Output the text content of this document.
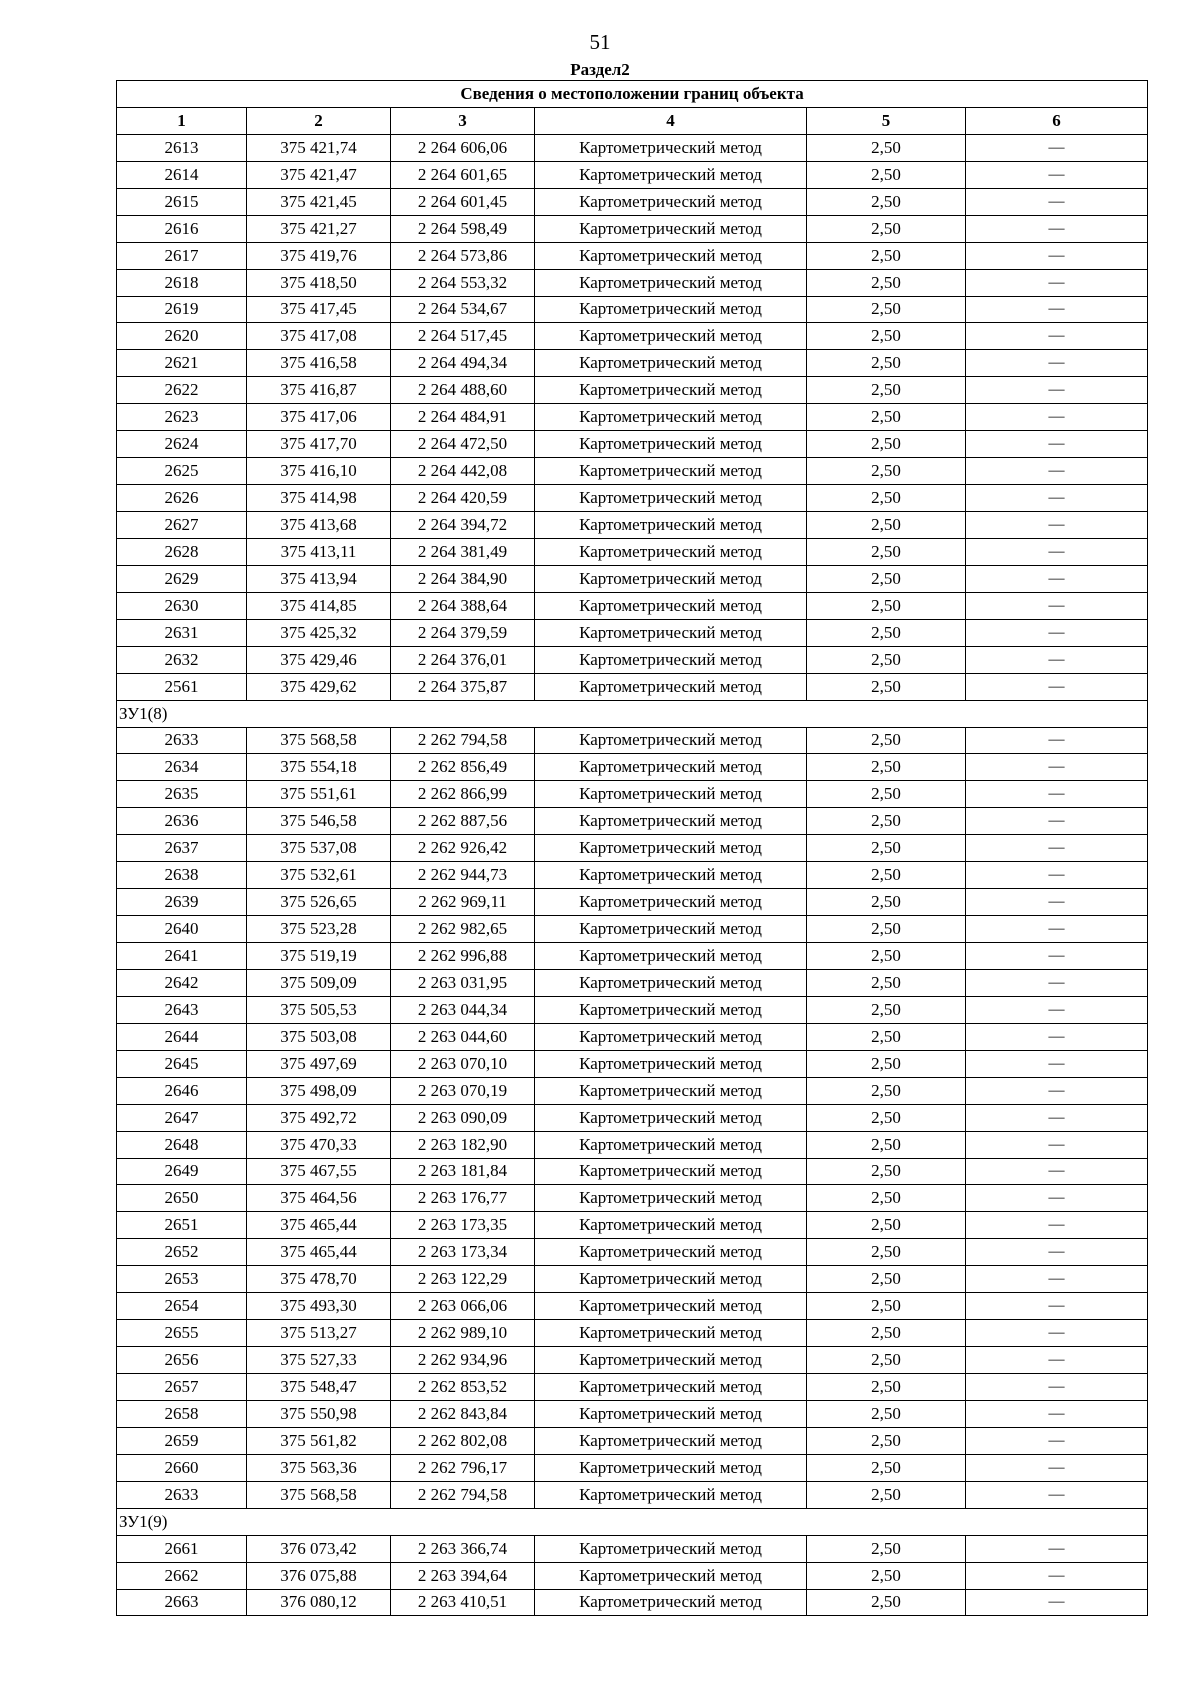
51
Раздел2
Сведения о местоположении границ объекта					
1	2	3	4	5	6
2613	375 421,74	2 264 606,06	Картометрический метод	2,50	—
2614	375 421,47	2 264 601,65	Картометрический метод	2,50	—
2615	375 421,45	2 264 601,45	Картометрический метод	2,50	—
2616	375 421,27	2 264 598,49	Картометрический метод	2,50	—
2617	375 419,76	2 264 573,86	Картометрический метод	2,50	—
2618	375 418,50	2 264 553,32	Картометрический метод	2,50	—
2619	375 417,45	2 264 534,67	Картометрический метод	2,50	—
2620	375 417,08	2 264 517,45	Картометрический метод	2,50	—
2621	375 416,58	2 264 494,34	Картометрический метод	2,50	—
2622	375 416,87	2 264 488,60	Картометрический метод	2,50	—
2623	375 417,06	2 264 484,91	Картометрический метод	2,50	—
2624	375 417,70	2 264 472,50	Картометрический метод	2,50	—
2625	375 416,10	2 264 442,08	Картометрический метод	2,50	—
2626	375 414,98	2 264 420,59	Картометрический метод	2,50	—
2627	375 413,68	2 264 394,72	Картометрический метод	2,50	—
2628	375 413,11	2 264 381,49	Картометрический метод	2,50	—
2629	375 413,94	2 264 384,90	Картометрический метод	2,50	—
2630	375 414,85	2 264 388,64	Картометрический метод	2,50	—
2631	375 425,32	2 264 379,59	Картометрический метод	2,50	—
2632	375 429,46	2 264 376,01	Картометрический метод	2,50	—
2561	375 429,62	2 264 375,87	Картометрический метод	2,50	—
ЗУ1(8)					
2633	375 568,58	2 262 794,58	Картометрический метод	2,50	—
2634	375 554,18	2 262 856,49	Картометрический метод	2,50	—
2635	375 551,61	2 262 866,99	Картометрический метод	2,50	—
2636	375 546,58	2 262 887,56	Картометрический метод	2,50	—
2637	375 537,08	2 262 926,42	Картометрический метод	2,50	—
2638	375 532,61	2 262 944,73	Картометрический метод	2,50	—
2639	375 526,65	2 262 969,11	Картометрический метод	2,50	—
2640	375 523,28	2 262 982,65	Картометрический метод	2,50	—
2641	375 519,19	2 262 996,88	Картометрический метод	2,50	—
2642	375 509,09	2 263 031,95	Картометрический метод	2,50	—
2643	375 505,53	2 263 044,34	Картометрический метод	2,50	—
2644	375 503,08	2 263 044,60	Картометрический метод	2,50	—
2645	375 497,69	2 263 070,10	Картометрический метод	2,50	—
2646	375 498,09	2 263 070,19	Картометрический метод	2,50	—
2647	375 492,72	2 263 090,09	Картометрический метод	2,50	—
2648	375 470,33	2 263 182,90	Картометрический метод	2,50	—
2649	375 467,55	2 263 181,84	Картометрический метод	2,50	—
2650	375 464,56	2 263 176,77	Картометрический метод	2,50	—
2651	375 465,44	2 263 173,35	Картометрический метод	2,50	—
2652	375 465,44	2 263 173,34	Картометрический метод	2,50	—
2653	375 478,70	2 263 122,29	Картометрический метод	2,50	—
2654	375 493,30	2 263 066,06	Картометрический метод	2,50	—
2655	375 513,27	2 262 989,10	Картометрический метод	2,50	—
2656	375 527,33	2 262 934,96	Картометрический метод	2,50	—
2657	375 548,47	2 262 853,52	Картометрический метод	2,50	—
2658	375 550,98	2 262 843,84	Картометрический метод	2,50	—
2659	375 561,82	2 262 802,08	Картометрический метод	2,50	—
2660	375 563,36	2 262 796,17	Картометрический метод	2,50	—
2633	375 568,58	2 262 794,58	Картометрический метод	2,50	—
ЗУ1(9)					
2661	376 073,42	2 263 366,74	Картометрический метод	2,50	—
2662	376 075,88	2 263 394,64	Картометрический метод	2,50	—
2663	376 080,12	2 263 410,51	Картометрический метод	2,50	—
